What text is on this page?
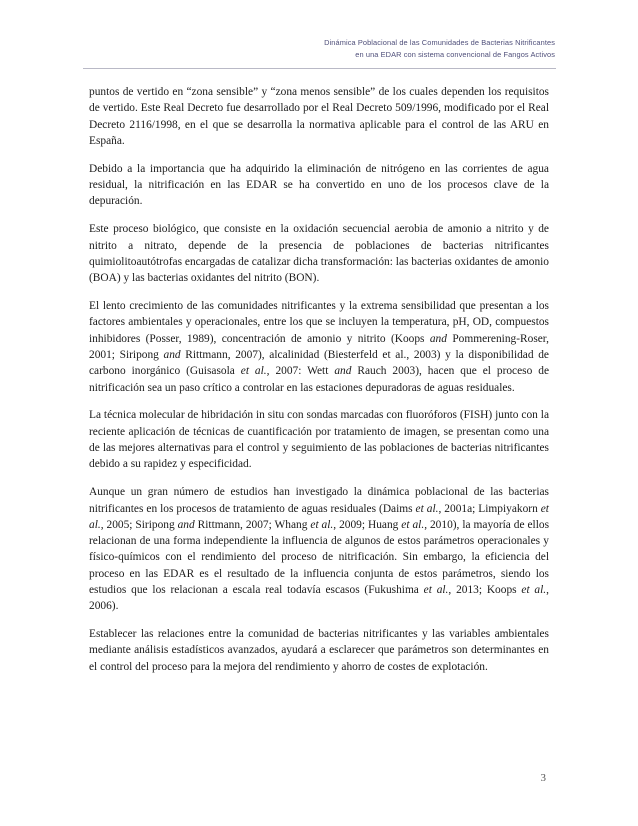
Dinámica Poblacional de las Comunidades de Bacterias Nitrificantes
en una EDAR con sistema convencional de Fangos Activos

puntos de vertido en “zona sensible” y “zona menos sensible” de los cuales dependen los requisitos de vertido. Este Real Decreto fue desarrollado por el Real Decreto 509/1996, modificado por el Real Decreto 2116/1998, en el que se desarrolla la normativa aplicable para el control de las ARU en España.

Debido a la importancia que ha adquirido la eliminación de nitrógeno en las corrientes de agua residual, la nitrificación en las EDAR se ha convertido en uno de los procesos clave de la depuración.

Este proceso biológico, que consiste en la oxidación secuencial aerobia de amonio a nitrito y de nitrito a nitrato, depende de la presencia de poblaciones de bacterias nitrificantes quimiolitoautótrofas encargadas de catalizar dicha transformación: las bacterias oxidantes de amonio (BOA) y las bacterias oxidantes del nitrito (BON).

El lento crecimiento de las comunidades nitrificantes y la extrema sensibilidad que presentan a los factores ambientales y operacionales, entre los que se incluyen la temperatura, pH, OD, compuestos inhibidores (Posser, 1989), concentración de amonio y nitrito (Koops and Pommerening-Roser, 2001; Siripong and Rittmann, 2007), alcalinidad (Biesterfeld et al., 2003) y la disponibilidad de carbono inorgánico (Guisasola et al., 2007: Wett and Rauch 2003), hacen que el proceso de nitrificación sea un paso crítico a controlar en las estaciones depuradoras de aguas residuales.

La técnica molecular de hibridación in situ con sondas marcadas con fluoróforos (FISH) junto con la reciente aplicación de técnicas de cuantificación por tratamiento de imagen, se presentan como una de las mejores alternativas para el control y seguimiento de las poblaciones de bacterias nitrificantes debido a su rapidez y especificidad.

Aunque un gran número de estudios han investigado la dinámica poblacional de las bacterias nitrificantes en los procesos de tratamiento de aguas residuales (Daims et al., 2001a; Limpiyakorn et al., 2005; Siripong and Rittmann, 2007; Whang et al., 2009; Huang et al., 2010), la mayoría de ellos relacionan de una forma independiente la influencia de algunos de estos parámetros operacionales y físico-químicos con el rendimiento del proceso de nitrificación. Sin embargo, la eficiencia del proceso en las EDAR es el resultado de la influencia conjunta de estos parámetros, siendo los estudios que los relacionan a escala real todavía escasos (Fukushima et al., 2013; Koops et al., 2006).

Establecer las relaciones entre la comunidad de bacterias nitrificantes y las variables ambientales mediante análisis estadísticos avanzados, ayudará a esclarecer que parámetros son determinantes en el control del proceso para la mejora del rendimiento y ahorro de costes de explotación.

3
